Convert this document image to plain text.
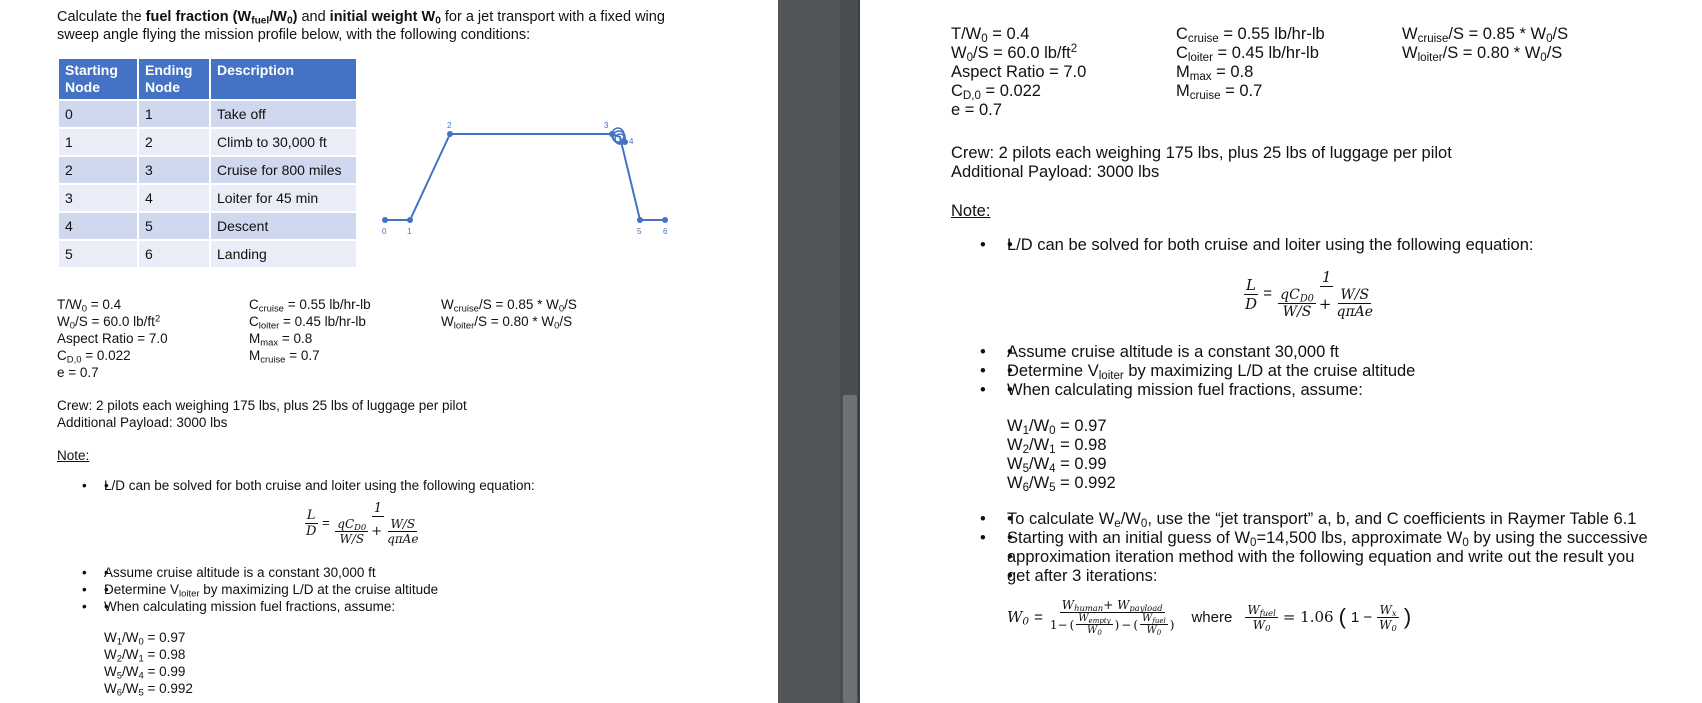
Calculate the fuel fraction $(W_{fuel}/W_0)$ and initial weight $W_0$ for a jet transport with a fixed wing
sweep angle flying the mission profile below, with the following conditions:
Starting
Node	Ending
Node	Description
0	1	Take off
1	2	Climb to 30,000 ft
2	3	Cruise for 800 miles
3	4	Loiter for 45 min
4	5	Descent
5	6	Landing
0	1
2	3
4
5	6
$T/W_0 = 0.4$
$W_0/S = 60.0$ $lb/ft^2$
Aspect Ratio = 7.0
$C_{D,0} = 0.022$
e = 0.7
$C_{cruise} = 0.55$ lb/hr-lb
$C_{loiter} = 0.45$ lb/hr-lb
$M_{max} = 0.8$
$M_{cruise} = 0.7$
$W_{cruise}/S = 0.85 * W_0/S$
$W_{loiter}/S = 0.80 * W_0/S$
Crew: 2 pilots each weighing 175 lbs, plus 25 lbs of luggage per pilot
Additional Payload: 3000 lbs
Note:
• • L/D can be solved for both cruise and loiter using the following equation:
$\frac{L}{D} = \frac{1}{\frac{qC_{D0}}{W/S} + \frac{W/S}{\text{qπAe}}}$
• • Assume cruise altitude is a constant 30,000 ft
• • Determine $V_{loiter}$ by maximizing L/D at the cruise altitude
• • When calculating mission fuel fractions, assume:
$W_1/W_0 = 0.97$
$W_2/W_1 = 0.98$
$W_5/W_4 = 0.99$
$W_6/W_5 = 0.992$
$T/W_0 = 0.4$
$W_0/S = 60.0$ $lb/ft^2$
Aspect Ratio = 7.0
$C_{D,0} = 0.022$
e = 0.7
$C_{cruise} = 0.55$ lb/hr-lb
$C_{loiter} = 0.45$ lb/hr-lb
$M_{max} = 0.8$
$M_{cruise} = 0.7$
$W_{cruise}/S = 0.85 * W_0/S$
$W_{loiter}/S = 0.80 * W_0/S$
Crew: 2 pilots each weighing 175 lbs, plus 25 lbs of luggage per pilot
Additional Payload: 3000 lbs
Note:
• • L/D can be solved for both cruise and loiter using the following equation:
$\frac{L}{D} = \frac{1}{\frac{qC_{D0}}{W/S} + \frac{W/S}{\text{qπAe}}}$
• • Assume cruise altitude is a constant 30,000 ft
• • Determine $V_{loiter}$ by maximizing L/D at the cruise altitude
• • When calculating mission fuel fractions, assume:
$W_1/W_0 = 0.97$
$W_2/W_1 = 0.98$
$W_5/W_4 = 0.99$
$W_6/W_5 = 0.992$
• • To calculate $W_e/W_0$, use the “jet transport” a, b, and C coefficients in Raymer Table 6.1
• • Starting with an initial guess of $W_0=14,500$ lbs, approximate $W_0$ by using the successive
• approximation iteration method with the following equation and write out the result you
• get after 3 iterations:
$W_0 = \frac{W_{human}+ W_{payload}}{1- ( \frac{W_{empty}}{W_0} ) - ( \frac{W_{fuel}}{W_0} )}$ where $\frac{W_{fuel}}{W_0} = 1.06$ ( $1 - \frac{W_x}{W_0}$ )
